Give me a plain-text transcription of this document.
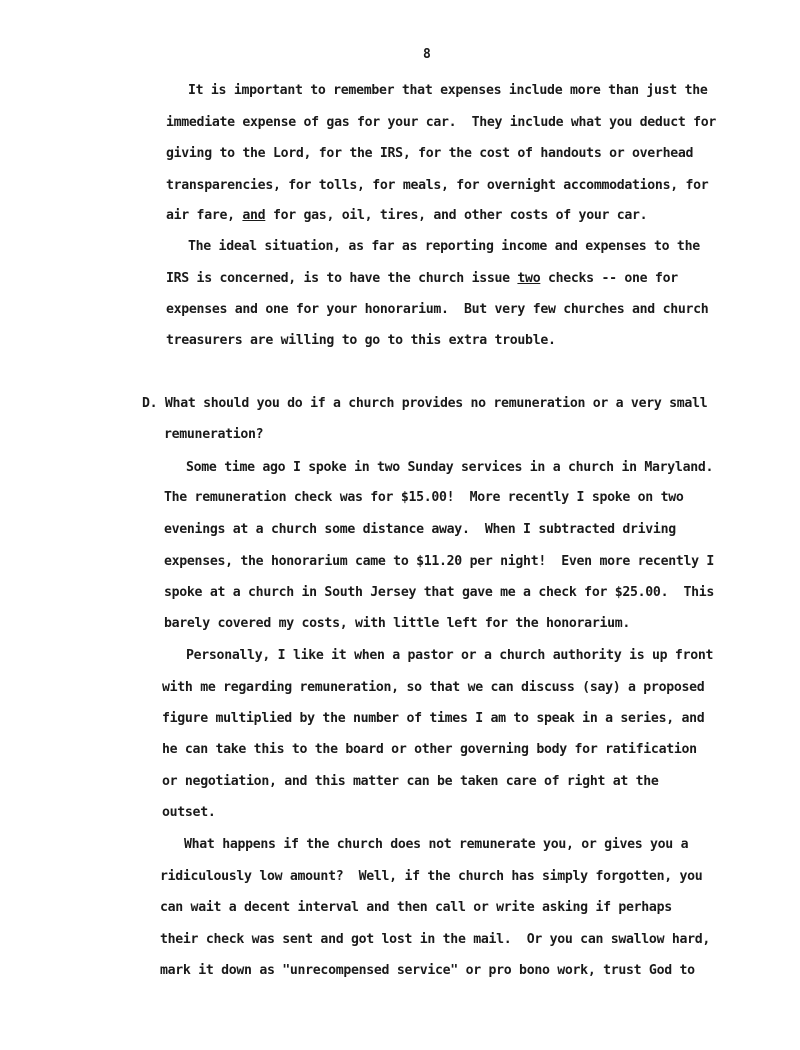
8
It is important to remember that expenses include more than just the
immediate expense of gas for your car.  They include what you deduct for
giving to the Lord, for the IRS, for the cost of handouts or overhead
transparencies, for tolls, for meals, for overnight accommodations, for
air fare, and for gas, oil, tires, and other costs of your car.
The ideal situation, as far as reporting income and expenses to the
IRS is concerned, is to have the church issue two checks -- one for
expenses and one for your honorarium.  But very few churches and church
treasurers are willing to go to this extra trouble.
D. What should you do if a church provides no remuneration or a very small
remuneration?
Some time ago I spoke in two Sunday services in a church in Maryland.
The remuneration check was for $15.00!  More recently I spoke on two
evenings at a church some distance away.  When I subtracted driving
expenses, the honorarium came to $11.20 per night!  Even more recently I
spoke at a church in South Jersey that gave me a check for $25.00.  This
barely covered my costs, with little left for the honorarium.
Personally, I like it when a pastor or a church authority is up front
with me regarding remuneration, so that we can discuss (say) a proposed
figure multiplied by the number of times I am to speak in a series, and
he can take this to the board or other governing body for ratification
or negotiation, and this matter can be taken care of right at the
outset.
What happens if the church does not remunerate you, or gives you a
ridiculously low amount?  Well, if the church has simply forgotten, you
can wait a decent interval and then call or write asking if perhaps
their check was sent and got lost in the mail.  Or you can swallow hard,
mark it down as "unrecompensed service" or pro bono work, trust God to
